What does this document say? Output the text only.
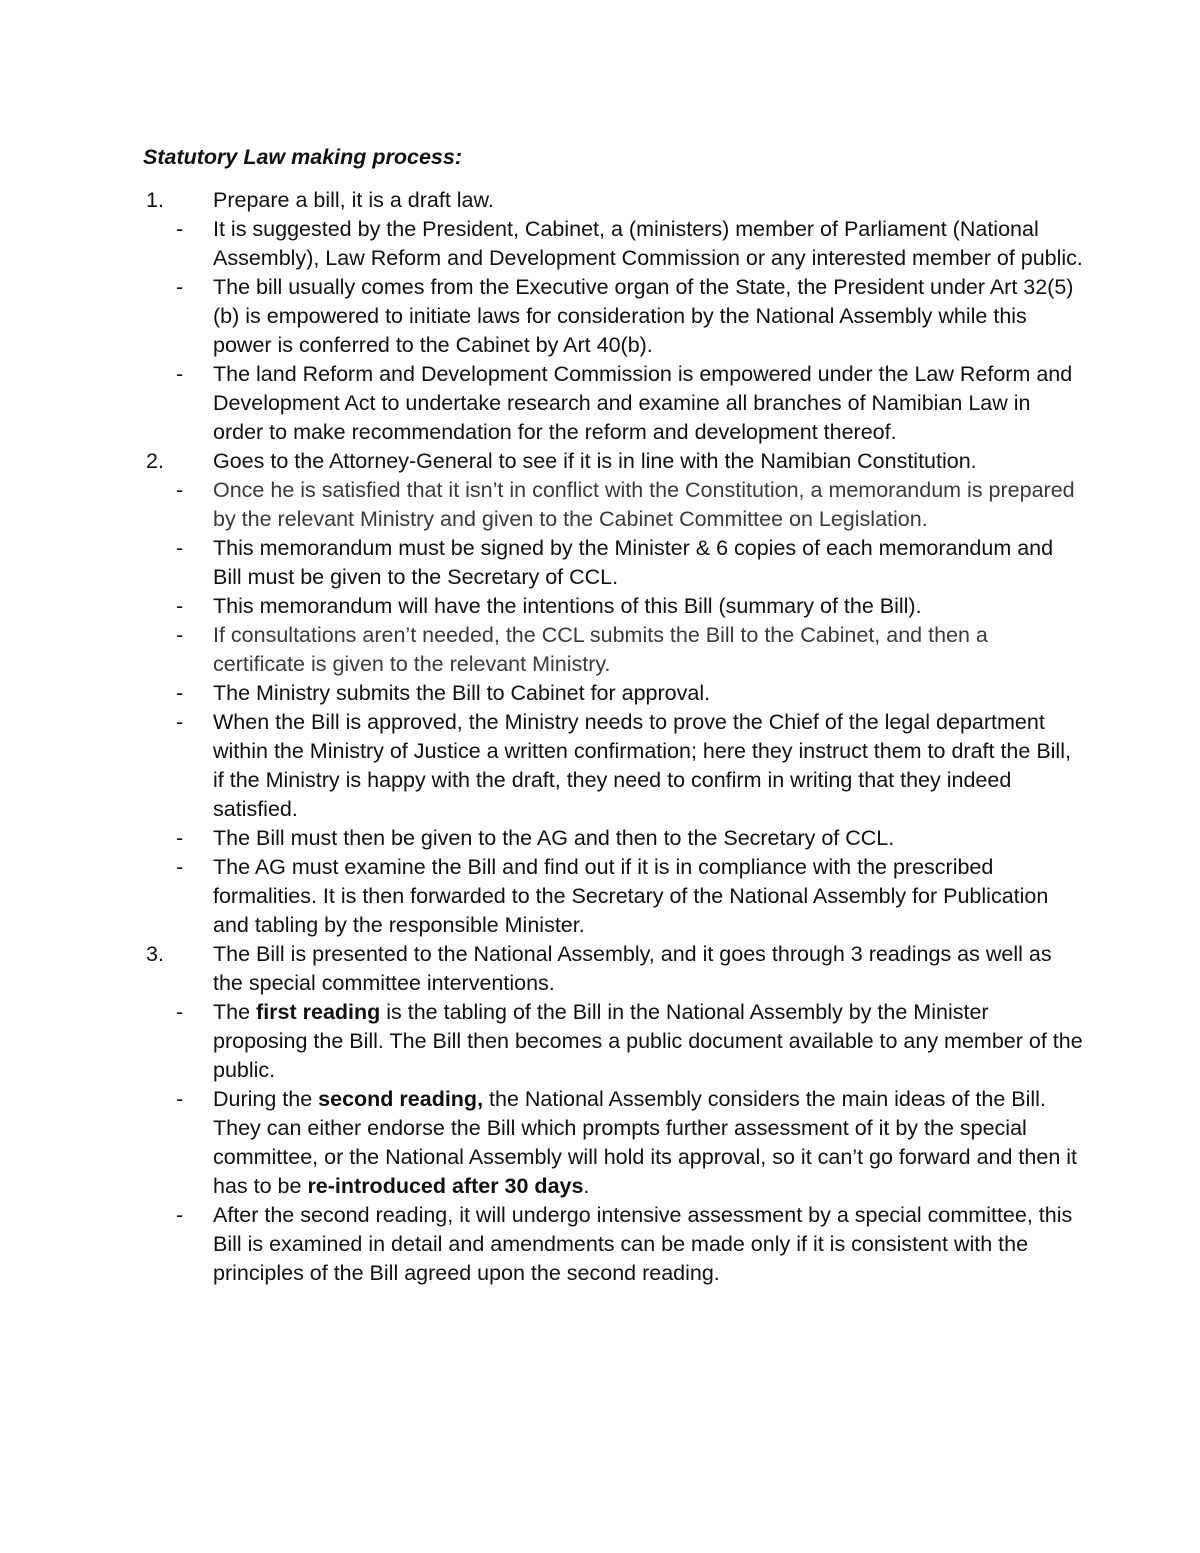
Statutory Law making process:
1.	Prepare a bill, it is a draft law.
-	It is suggested by the President, Cabinet, a (ministers) member of Parliament (National Assembly), Law Reform and Development Commission or any interested member of public.
-	The bill usually comes from the Executive organ of the State, the President under Art 32(5)(b) is empowered to initiate laws for consideration by the National Assembly while this power is conferred to the Cabinet by Art 40(b).
-	The land Reform and Development Commission is empowered under the Law Reform and Development Act to undertake research and examine all branches of Namibian Law in order to make recommendation for the reform and development thereof.
2.	Goes to the Attorney-General to see if it is in line with the Namibian Constitution.
-	Once he is satisfied that it isn’t in conflict with the Constitution, a memorandum is prepared by the relevant Ministry and given to the Cabinet Committee on Legislation.
-	This memorandum must be signed by the Minister & 6 copies of each memorandum and Bill must be given to the Secretary of CCL.
-	This memorandum will have the intentions of this Bill (summary of the Bill).
-	If consultations aren’t needed, the CCL submits the Bill to the Cabinet, and then a certificate is given to the relevant Ministry.
-	The Ministry submits the Bill to Cabinet for approval.
-	When the Bill is approved, the Ministry needs to prove the Chief of the legal department within the Ministry of Justice a written confirmation; here they instruct them to draft the Bill, if the Ministry is happy with the draft, they need to confirm in writing that they indeed satisfied.
-	The Bill must then be given to the AG and then to the Secretary of CCL.
-	The AG must examine the Bill and find out if it is in compliance with the prescribed formalities. It is then forwarded to the Secretary of the National Assembly for Publication and tabling by the responsible Minister.
3.	The Bill is presented to the National Assembly, and it goes through 3 readings as well as the special committee interventions.
-	The first reading is the tabling of the Bill in the National Assembly by the Minister proposing the Bill. The Bill then becomes a public document available to any member of the public.
-	During the second reading, the National Assembly considers the main ideas of the Bill. They can either endorse the Bill which prompts further assessment of it by the special committee, or the National Assembly will hold its approval, so it can’t go forward and then it has to be re-introduced after 30 days.
-	After the second reading, it will undergo intensive assessment by a special committee, this Bill is examined in detail and amendments can be made only if it is consistent with the principles of the Bill agreed upon the second reading.
